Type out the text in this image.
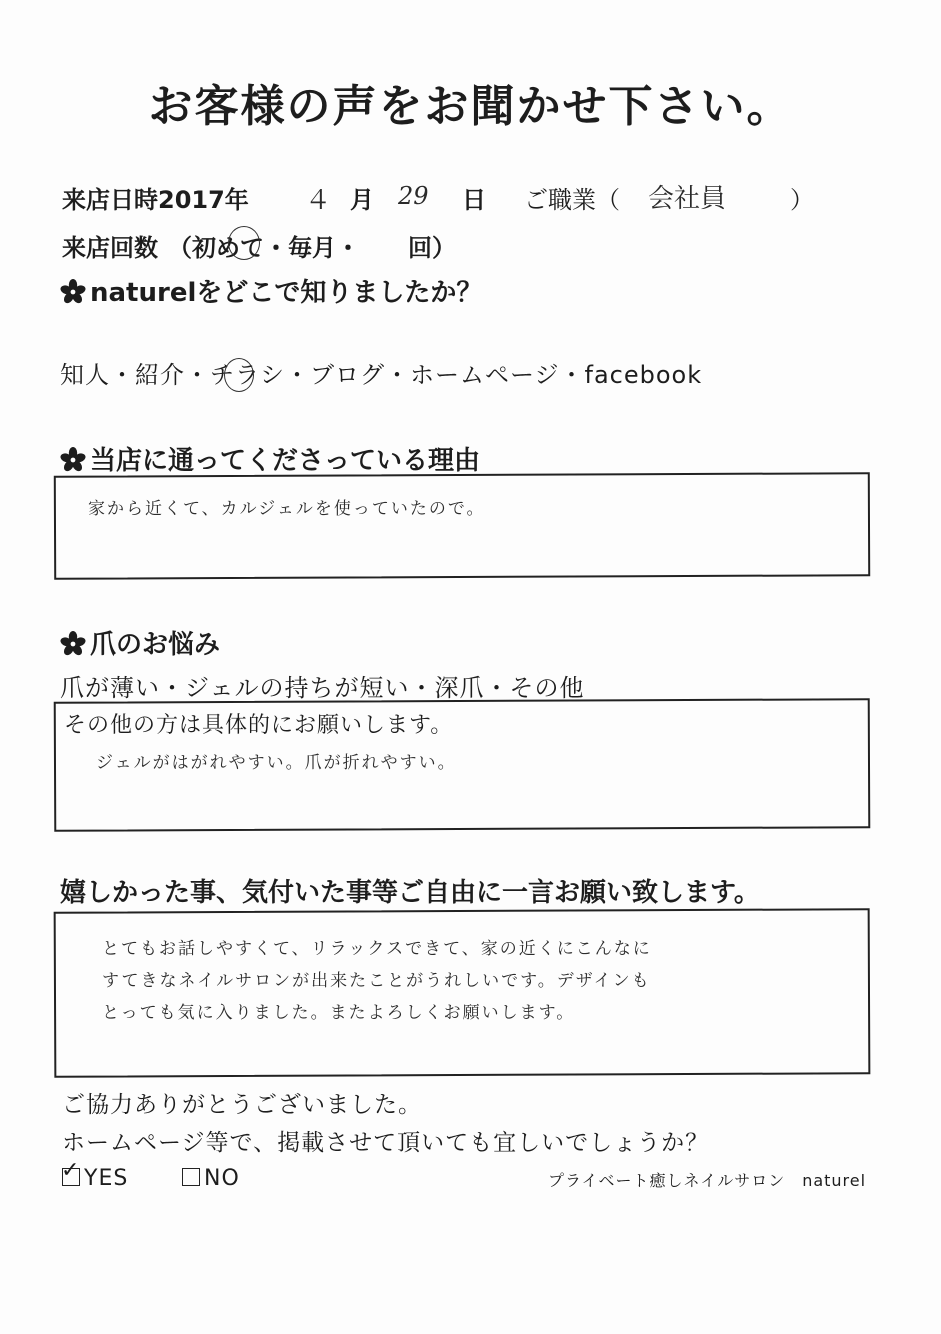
お客様の声をお聞かせ下さい。
来店日時2017年 ４ 月 29 日 ご職業（ 会社員	）
来店回数 （初めて・毎月・　　回）
naturelをどこで知りましたか？
知人・紹介・チラシ・ブログ・ホームページ・facebook
当店に通ってくださっている理由
家から近くて、カルジェルを使っていたので。
爪のお悩み
爪が薄い・ジェルの持ちが短い・深爪・その他
その他の方は具体的にお願いします。
ジェルがはがれやすい。爪が折れやすい。
嬉しかった事、気付いた事等ご自由に一言お願い致します。
とてもお話しやすくて、リラックスできて、家の近くにこんなに
すてきなネイルサロンが出来たことがうれしいです。デザインも
とっても気に入りました。またよろしくお願いします。
ご協力ありがとうございました。
ホームページ等で、掲載させて頂いても宜しいでしょうか？
✓ YES	NO	プライベート癒しネイルサロン　naturel
